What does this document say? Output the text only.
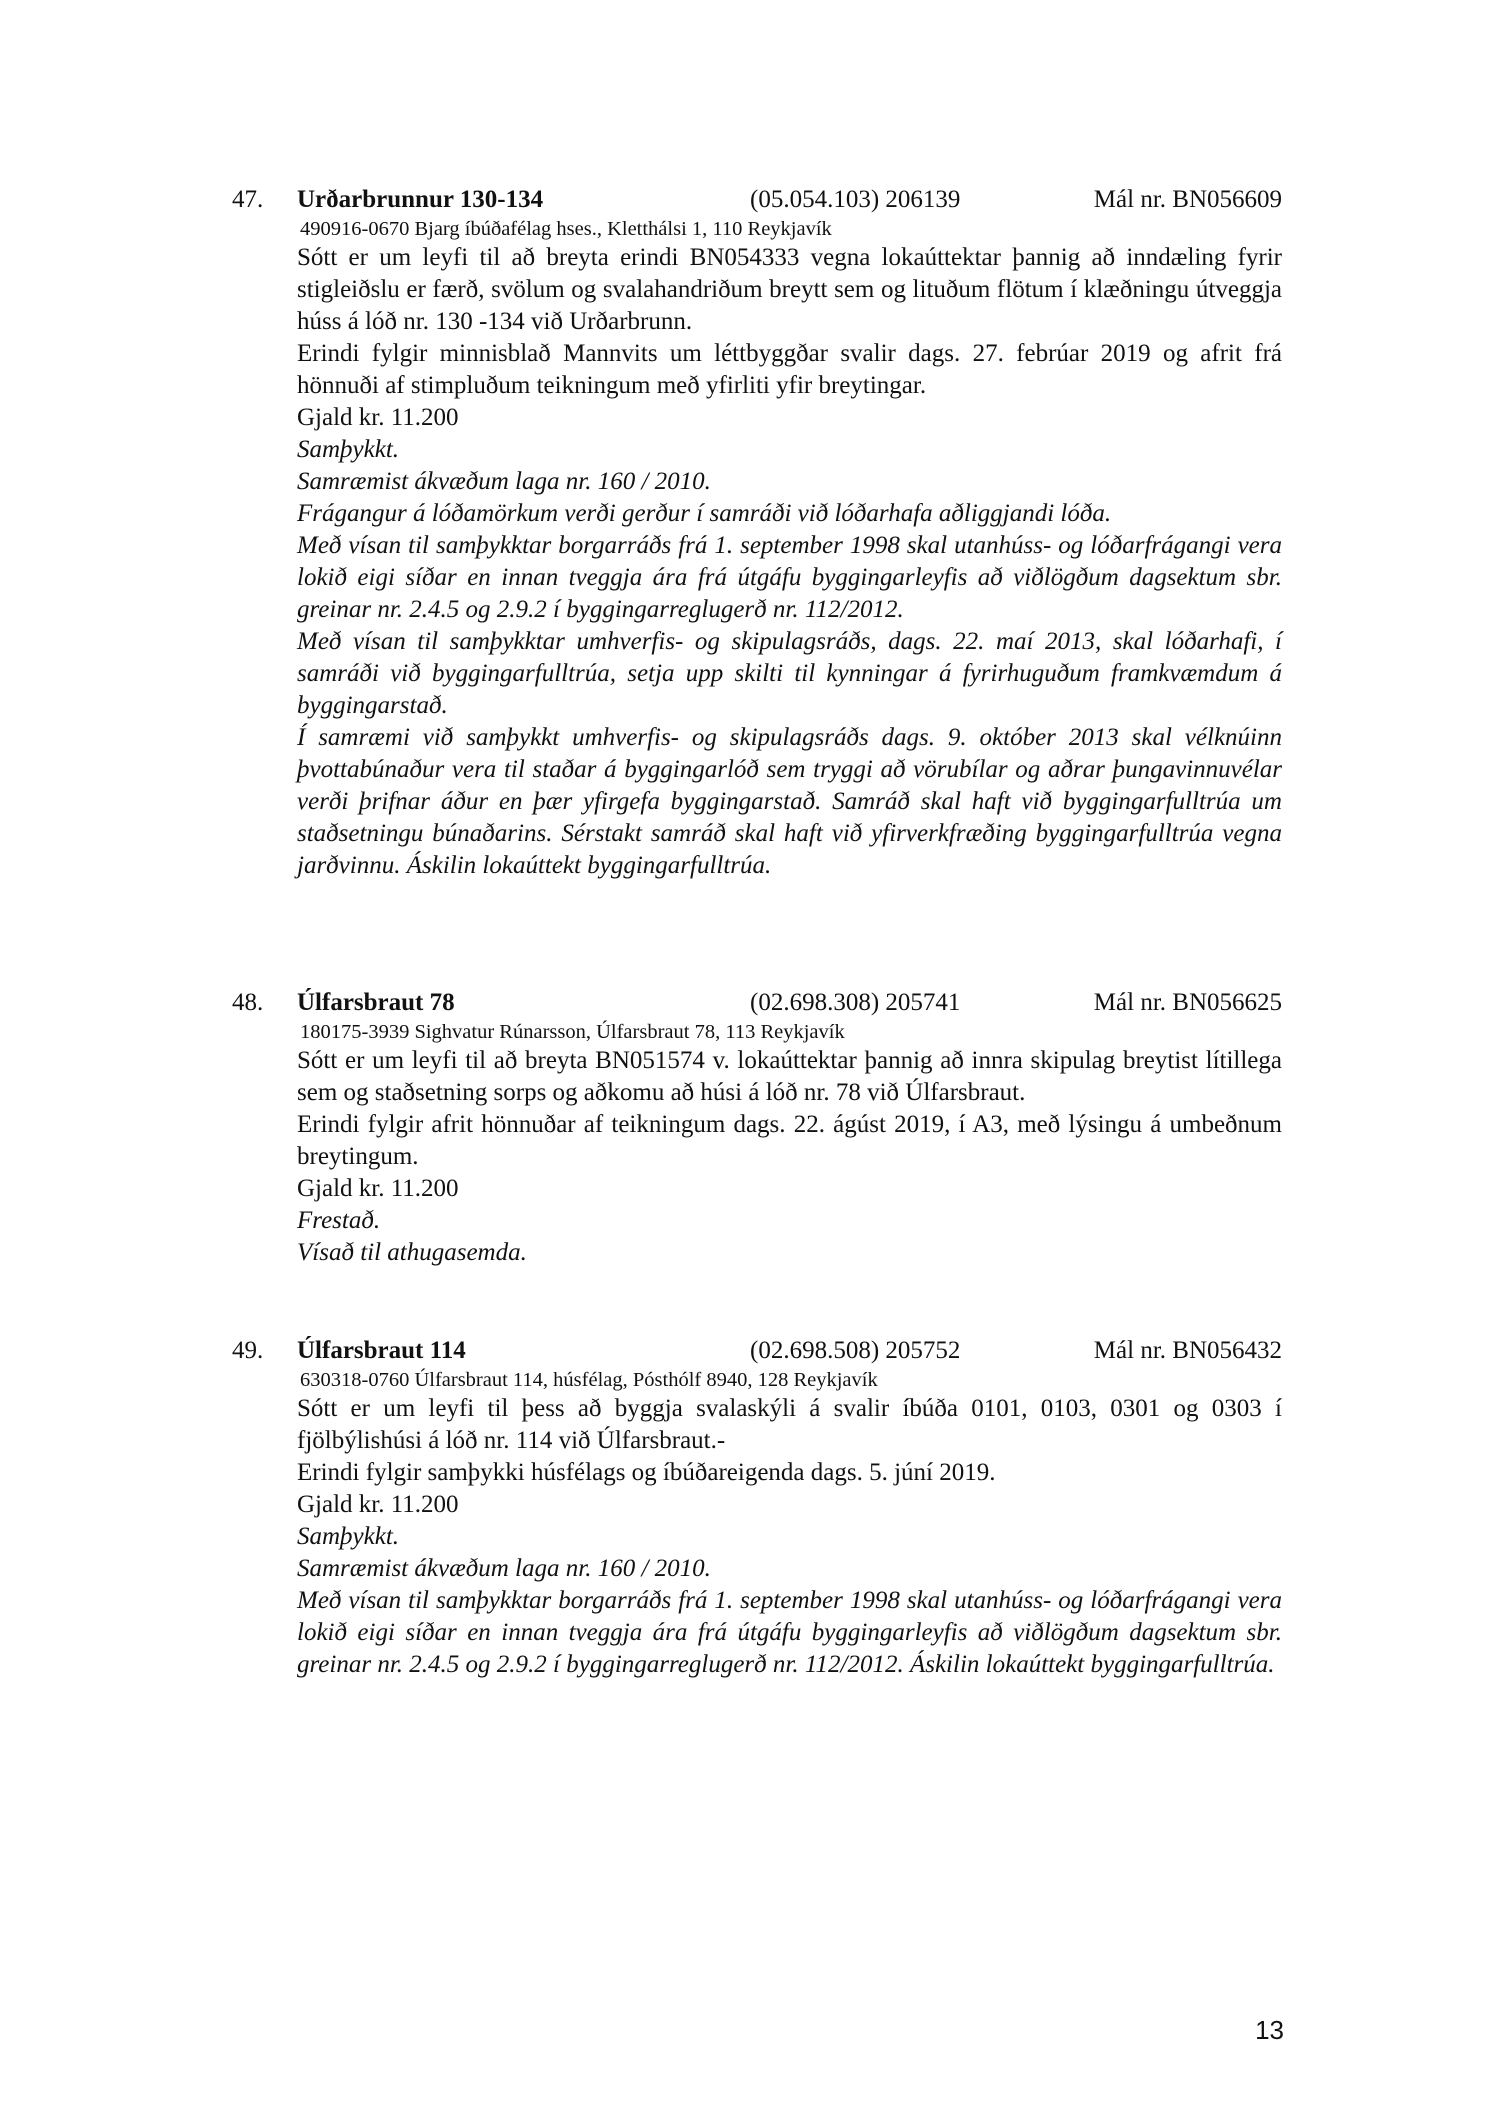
47. Urðarbrunnur 130-134	(05.054.103) 206139	Mál nr. BN056609
490916-0670 Bjarg íbúðafélag hses., Kletthálsi 1, 110 Reykjavík

Sótt er um leyfi til að breyta erindi BN054333 vegna lokaúttektar þannig að inndæling fyrir stigleiðslu er færð, svölum og svalahandriðum breytt sem og lituðum flötum í klæðningu útveggja húss á lóð nr. 130 -134 við Urðarbrunn.

Erindi fylgir minnisblað Mannvits um léttbyggðar svalir dags. 27. febrúar 2019 og afrit frá hönnuði af stimpluðum teikningum með yfirliti yfir breytingar.

Gjald kr. 11.200

Samþykkt.

Samræmist ákvæðum laga nr. 160 / 2010.

Frágangur á lóðamörkum verði gerður í samráði við lóðarhafa aðliggjandi lóða.

Með vísan til samþykktar borgarráðs frá 1. september 1998 skal utanhúss- og lóðarfrágangi vera lokið eigi síðar en innan tveggja ára frá útgáfu byggingarleyfis að viðlögðum dagsektum sbr. greinar nr. 2.4.5 og 2.9.2 í byggingarreglugerð nr. 112/2012.

Með vísan til samþykktar umhverfis- og skipulagsráðs, dags. 22. maí 2013, skal lóðarhafi, í samráði við byggingarfulltrúa, setja upp skilti til kynningar á fyrirhuguðum framkvæmdum á byggingarstað.

Í samræmi við samþykkt umhverfis- og skipulagsráðs dags. 9. október 2013 skal vélknúinn þvottabúnaður vera til staðar á byggingarlóð sem tryggi að vörubílar og aðrar þungavinnuvélar verði þrifnar áður en þær yfirgefa byggingarstað. Samráð skal haft við byggingarfulltrúa um staðsetningu búnaðarins. Sérstakt samráð skal haft við yfirverkfræðing byggingarfulltrúa vegna jarðvinnu. Áskilin lokaúttekt byggingarfulltrúa.

48. Úlfarsbraut 78	(02.698.308) 205741	Mál nr. BN056625
180175-3939 Sighvatur Rúnarsson, Úlfarsbraut 78, 113 Reykjavík

Sótt er um leyfi til að breyta BN051574 v. lokaúttektar þannig að innra skipulag breytist lítillega sem og staðsetning sorps og aðkomu að húsi á lóð nr. 78 við Úlfarsbraut.

Erindi fylgir afrit hönnuðar af teikningum dags. 22. ágúst 2019, í A3, með lýsingu á umbeðnum breytingum.

Gjald kr. 11.200

Frestað.

Vísað til athugasemda.

49. Úlfarsbraut 114	(02.698.508) 205752	Mál nr. BN056432
630318-0760 Úlfarsbraut 114, húsfélag, Pósthólf 8940, 128 Reykjavík

Sótt er um leyfi til þess að byggja svalaskýli á svalir íbúða 0101, 0103, 0301 og 0303 í fjölbýlishúsi á lóð nr. 114 við Úlfarsbraut.-

Erindi fylgir samþykki húsfélags og íbúðareigenda dags. 5. júní 2019.

Gjald kr. 11.200

Samþykkt.

Samræmist ákvæðum laga nr. 160 / 2010.

Með vísan til samþykktar borgarráðs frá 1. september 1998 skal utanhúss- og lóðarfrágangi vera lokið eigi síðar en innan tveggja ára frá útgáfu byggingarleyfis að viðlögðum dagsektum sbr. greinar nr. 2.4.5 og 2.9.2 í byggingarreglugerð nr. 112/2012. Áskilin lokaúttekt byggingarfulltrúa.

13
